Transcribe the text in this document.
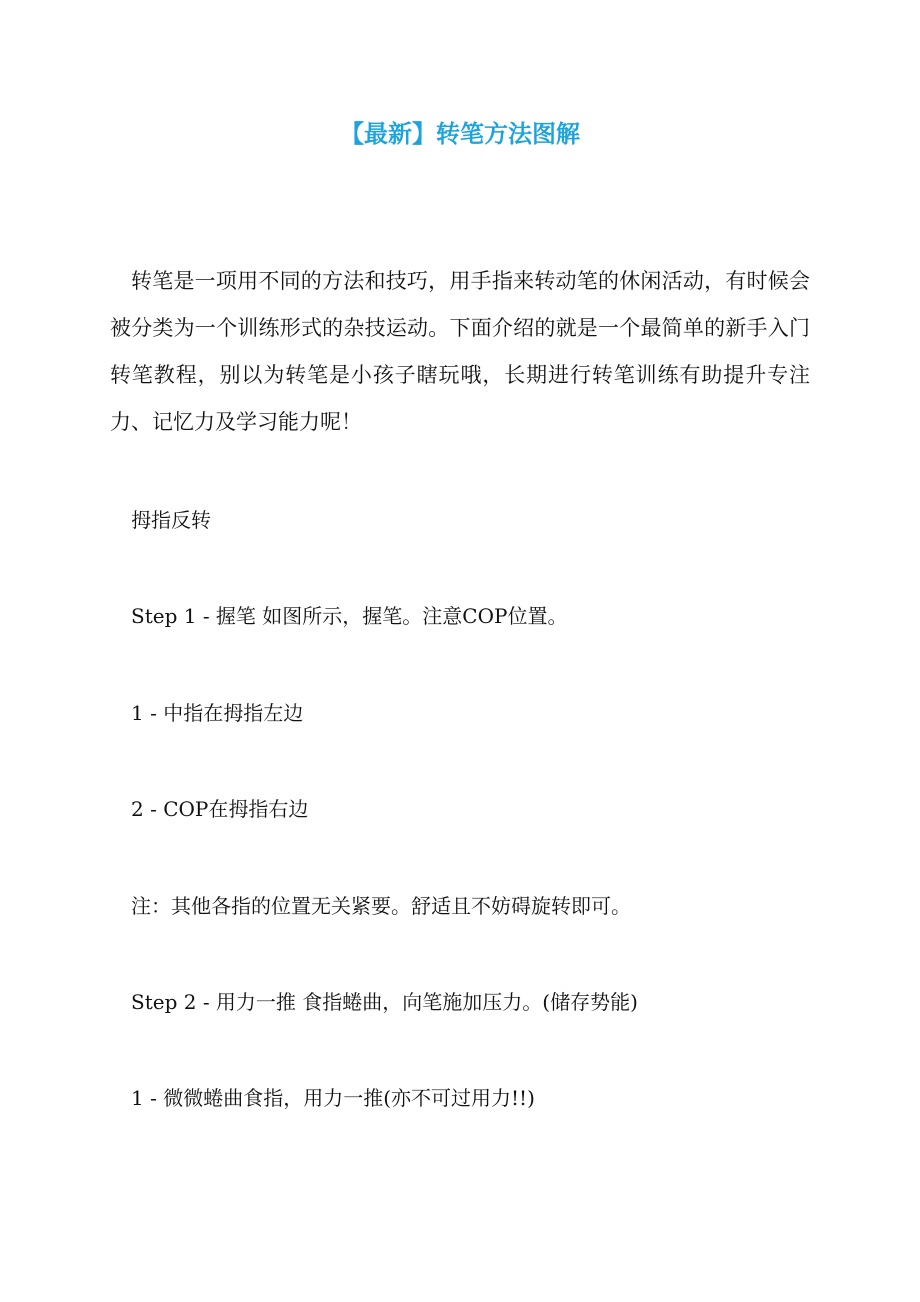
【最新】转笔方法图解

转笔是一项用不同的方法和技巧，用手指来转动笔的休闲活动，有时候会被分类为一个训练形式的杂技运动。下面介绍的就是一个最简单的新手入门转笔教程，别以为转笔是小孩子瞎玩哦，长期进行转笔训练有助提升专注力、记忆力及学习能力呢！

拇指反转

Step 1 - 握笔 如图所示，握笔。注意COP位置。

1 - 中指在拇指左边

2 - COP在拇指右边

注：其他各指的位置无关紧要。舒适且不妨碍旋转即可。

Step 2 - 用力一推 食指蜷曲，向笔施加压力。(储存势能)

1 - 微微蜷曲食指，用力一推(亦不可过用力!!)
